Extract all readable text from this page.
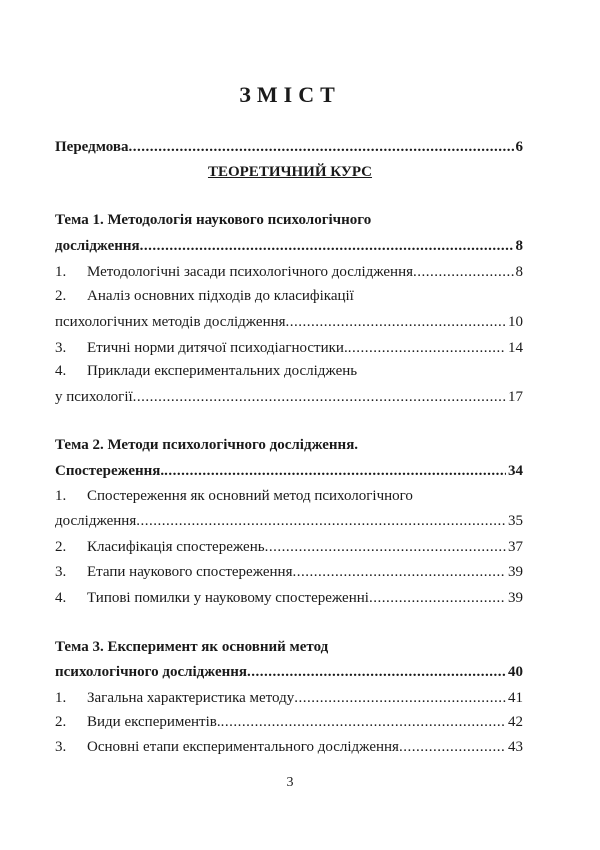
ЗМІСТ
Передмова .....	6
ТЕОРЕТИЧНИЙ КУРС
Тема 1. Методологія наукового психологічного
дослідження .....	8
1.	Методологічні засади психологічного дослідження .....	8
2.	Аналіз основних підходів до класифікації
психологічних методів дослідження .....	10
3.	Етичні норми дитячої психодіагностики. .....	14
4.	Приклади експериментальних досліджень
у психології .....	17
Тема 2. Методи психологічного дослідження.
Спостереження. .....	34
1.	Спостереження як основний метод психологічного
дослідження .....	35
2.	Класифікація спостережень .....	37
3.	Етапи наукового спостереження .....	39
4.	Типові помилки у науковому спостереженні .....	39
Тема 3. Експеримент як основний метод
психологічного дослідження .....	40
1.	Загальна характеристика методу .....	41
2.	Види експериментів. .....	42
3.	Основні етапи експериментального дослідження .....	43
3
